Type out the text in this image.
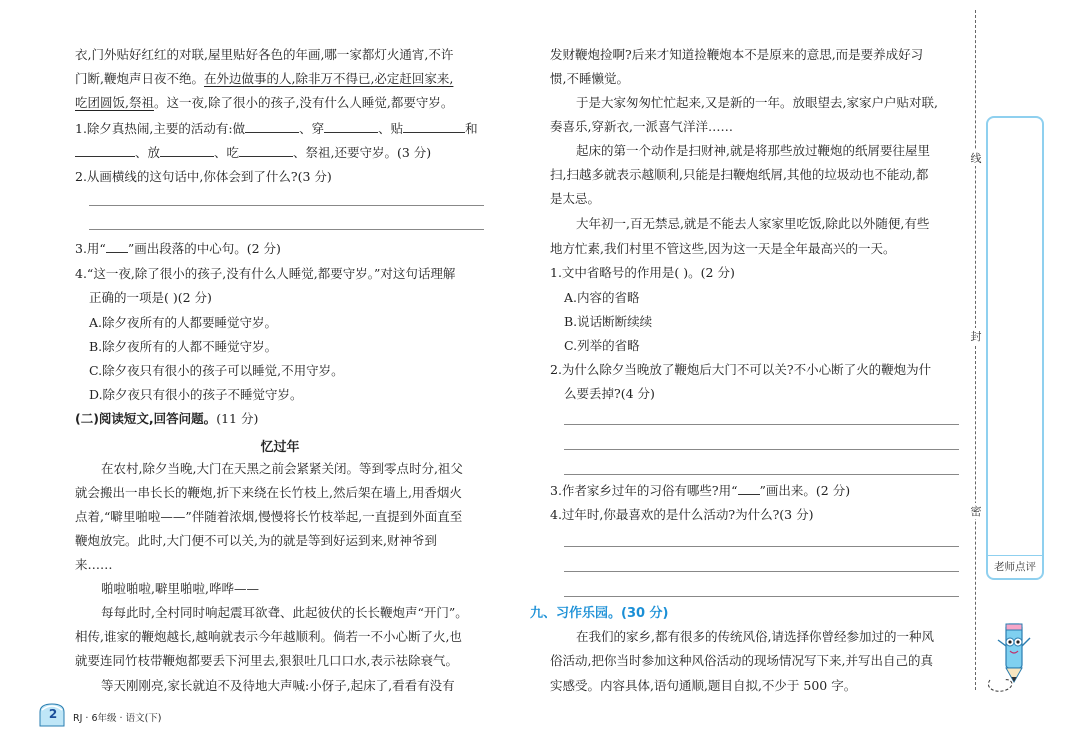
衣,门外贴好红红的对联,屋里贴好各色的年画,哪一家都灯火通宵,不许
门断,鞭炮声日夜不绝。在外边做事的人,除非万不得已,必定赶回家来,
吃团圆饭,祭祖。这一夜,除了很小的孩子,没有什么人睡觉,都要守岁。
1.除夕真热闹,主要的活动有:做	、穿	、贴	和
、放	、吃	、祭祖,还要守岁。(3 分)
2.从画横线的这句话中,你体会到了什么?(3 分)
3.用“ ”画出段落的中心句。(2 分)
4.“这一夜,除了很小的孩子,没有什么人睡觉,都要守岁。”对这句话理解
正确的一项是( )(2 分)
A.除夕夜所有的人都要睡觉守岁。
B.除夕夜所有的人都不睡觉守岁。
C.除夕夜只有很小的孩子可以睡觉,不用守岁。
D.除夕夜只有很小的孩子不睡觉守岁。
(二)阅读短文,回答问题。(11 分)
忆过年
在农村,除夕当晚,大门在天黑之前会紧紧关闭。等到零点时分,祖父
就会搬出一串长长的鞭炮,折下来绕在长竹枝上,然后架在墙上,用香烟火
点着,“噼里啪啦——”伴随着浓烟,慢慢将长竹枝举起,一直提到外面直至
鞭炮放完。此时,大门便不可以关,为的就是等到好运到来,财神爷到
来……
啪啦啪啦,噼里啪啦,哗哗——
每每此时,全村同时响起震耳欲聋、此起彼伏的长长鞭炮声“开门”。
相传,谁家的鞭炮越长,越响就表示今年越顺利。倘若一不小心断了火,也
就要连同竹枝带鞭炮都要丢下河里去,狠狠吐几口口水,表示祛除衰气。
等天刚刚亮,家长就迫不及待地大声喊:小伢子,起床了,看看有没有
发财鞭炮捡啊?后来才知道捡鞭炮本不是原来的意思,而是要养成好习
惯,不睡懒觉。
于是大家匆匆忙忙起来,又是新的一年。放眼望去,家家户户贴对联,
奏喜乐,穿新衣,一派喜气洋洋……
起床的第一个动作是扫财神,就是将那些放过鞭炮的纸屑要往屋里
扫,扫越多就表示越顺利,只能是扫鞭炮纸屑,其他的垃圾动也不能动,都
是太忌。
大年初一,百无禁忌,就是不能去人家家里吃饭,除此以外随便,有些
地方忙素,我们村里不管这些,因为这一天是全年最高兴的一天。
1.文中省略号的作用是( )。(2 分)
A.内容的省略
B.说话断断续续
C.列举的省略
2.为什么除夕当晚放了鞭炮后大门不可以关?不小心断了火的鞭炮为什
么要丢掉?(4 分)
3.作者家乡过年的习俗有哪些?用“ ”画出来。(2 分)
4.过年时,你最喜欢的是什么活动?为什么?(3 分)
九、习作乐园。(30 分)
在我们的家乡,都有很多的传统风俗,请选择你曾经参加过的一种风
俗活动,把你当时参加这种风俗活动的现场情况写下来,并写出自己的真
实感受。内容具体,语句通顺,题目自拟,不少于 500 字。
线
封
密
老师点评
2	RJ · 6年级 · 语文(下)
